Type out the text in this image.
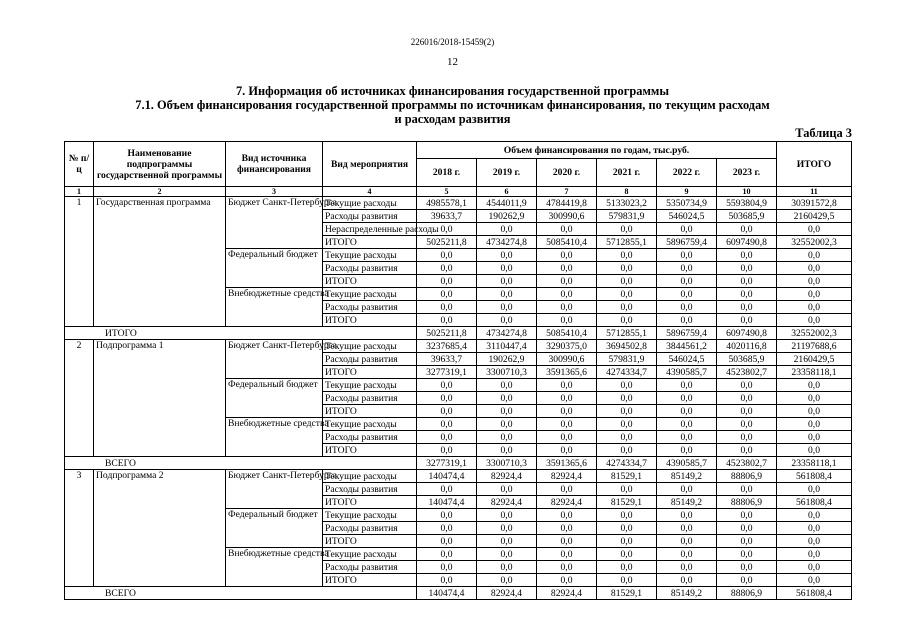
226016/2018-15459(2)
12
7. Информация об источниках финансирования государственной программы
7.1. Объем финансирования государственной программы по источникам финансирования, по текущим расходам
и расходам развития
Таблица 3
№ п/ц	Наименование подпрограммы государственной программы	Вид источника финансирования	Вид мероприятия	Объем финансирования по годам, тыс.руб.						ИТОГО
				2018 г.	2019 г.	2020 г.	2021 г.	2022 г.	2023 г.	
1	2	3	4	5	6	7	8	9	10	11
1	Государственная программа	Бюджет Санкт-Петербурга	Текущие расходы	4985578,1	4544011,9	4784419,8	5133023,2	5350734,9	5593804,9	30391572,8
			Расходы развития	39633,7	190262,9	300990,6	579831,9	546024,5	503685,9	2160429,5
			Нераспределенные расходы	0,0	0,0	0,0	0,0	0,0	0,0	0,0
			ИТОГО	5025211,8	4734274,8	5085410,4	5712855,1	5896759,4	6097490,8	32552002,3
		Федеральный бюджет	Текущие расходы	0,0	0,0	0,0	0,0	0,0	0,0	0,0
			Расходы развития	0,0	0,0	0,0	0,0	0,0	0,0	0,0
			ИТОГО	0,0	0,0	0,0	0,0	0,0	0,0	0,0
		Внебюджетные средства	Текущие расходы	0,0	0,0	0,0	0,0	0,0	0,0	0,0
			Расходы развития	0,0	0,0	0,0	0,0	0,0	0,0	0,0
			ИТОГО	0,0	0,0	0,0	0,0	0,0	0,0	0,0
ИТОГО				5025211,8	4734274,8	5085410,4	5712855,1	5896759,4	6097490,8	32552002,3
2	Подпрограмма 1	Бюджет Санкт-Петербурга	Текущие расходы	3237685,4	3110447,4	3290375,0	3694502,8	3844561,2	4020116,8	21197688,6
			Расходы развития	39633,7	190262,9	300990,6	579831,9	546024,5	503685,9	2160429,5
			ИТОГО	3277319,1	3300710,3	3591365,6	4274334,7	4390585,7	4523802,7	23358118,1
		Федеральный бюджет	Текущие расходы	0,0	0,0	0,0	0,0	0,0	0,0	0,0
			Расходы развития	0,0	0,0	0,0	0,0	0,0	0,0	0,0
			ИТОГО	0,0	0,0	0,0	0,0	0,0	0,0	0,0
		Внебюджетные средства	Текущие расходы	0,0	0,0	0,0	0,0	0,0	0,0	0,0
			Расходы развития	0,0	0,0	0,0	0,0	0,0	0,0	0,0
			ИТОГО	0,0	0,0	0,0	0,0	0,0	0,0	0,0
ВСЕГО				3277319,1	3300710,3	3591365,6	4274334,7	4390585,7	4523802,7	23358118,1
3	Подпрограмма 2	Бюджет Санкт-Петербурга	Текущие расходы	140474,4	82924,4	82924,4	81529,1	85149,2	88806,9	561808,4
			Расходы развития	0,0	0,0	0,0	0,0	0,0	0,0	0,0
			ИТОГО	140474,4	82924,4	82924,4	81529,1	85149,2	88806,9	561808,4
		Федеральный бюджет	Текущие расходы	0,0	0,0	0,0	0,0	0,0	0,0	0,0
			Расходы развития	0,0	0,0	0,0	0,0	0,0	0,0	0,0
			ИТОГО	0,0	0,0	0,0	0,0	0,0	0,0	0,0
		Внебюджетные средства	Текущие расходы	0,0	0,0	0,0	0,0	0,0	0,0	0,0
			Расходы развития	0,0	0,0	0,0	0,0	0,0	0,0	0,0
			ИТОГО	0,0	0,0	0,0	0,0	0,0	0,0	0,0
ВСЕГО				140474,4	82924,4	82924,4	81529,1	85149,2	88806,9	561808,4
